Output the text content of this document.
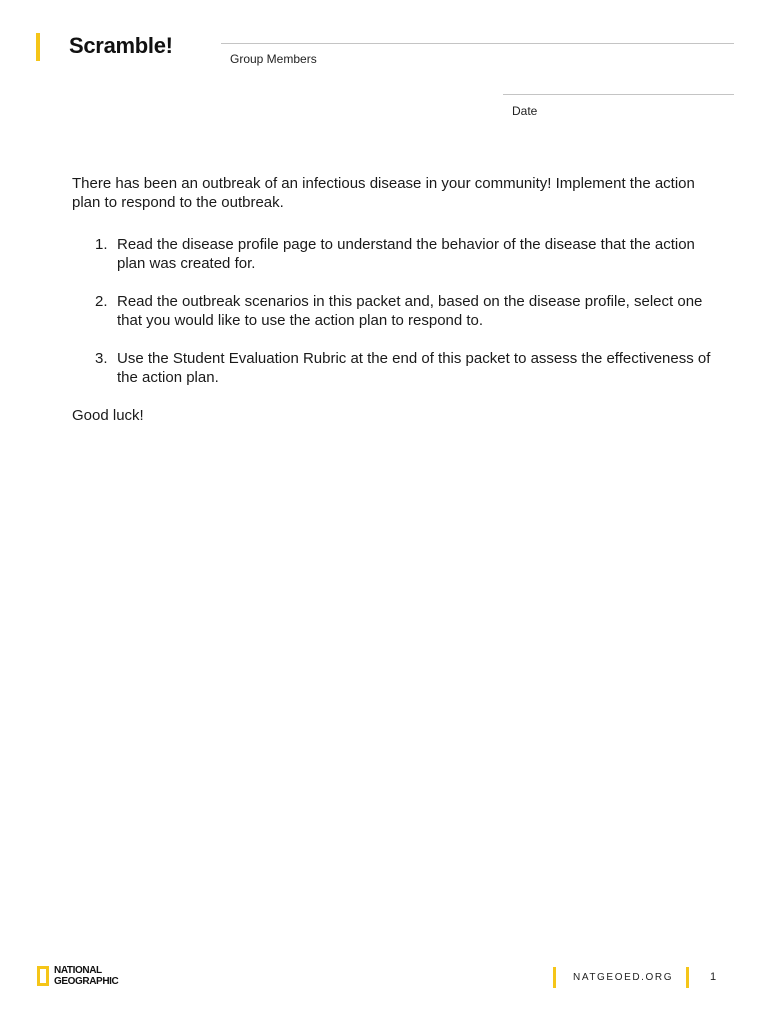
Scramble!
Group Members
Date

There has been an outbreak of an infectious disease in your community! Implement the action plan to respond to the outbreak.

1. Read the disease profile page to understand the behavior of the disease that the action plan was created for.
2. Read the outbreak scenarios in this packet and, based on the disease profile, select one that you would like to use the action plan to respond to.
3. Use the Student Evaluation Rubric at the end of this packet to assess the effectiveness of the action plan.

Good luck!

NATIONAL
GEOGRAPHIC	NATGEOED.ORG	1
